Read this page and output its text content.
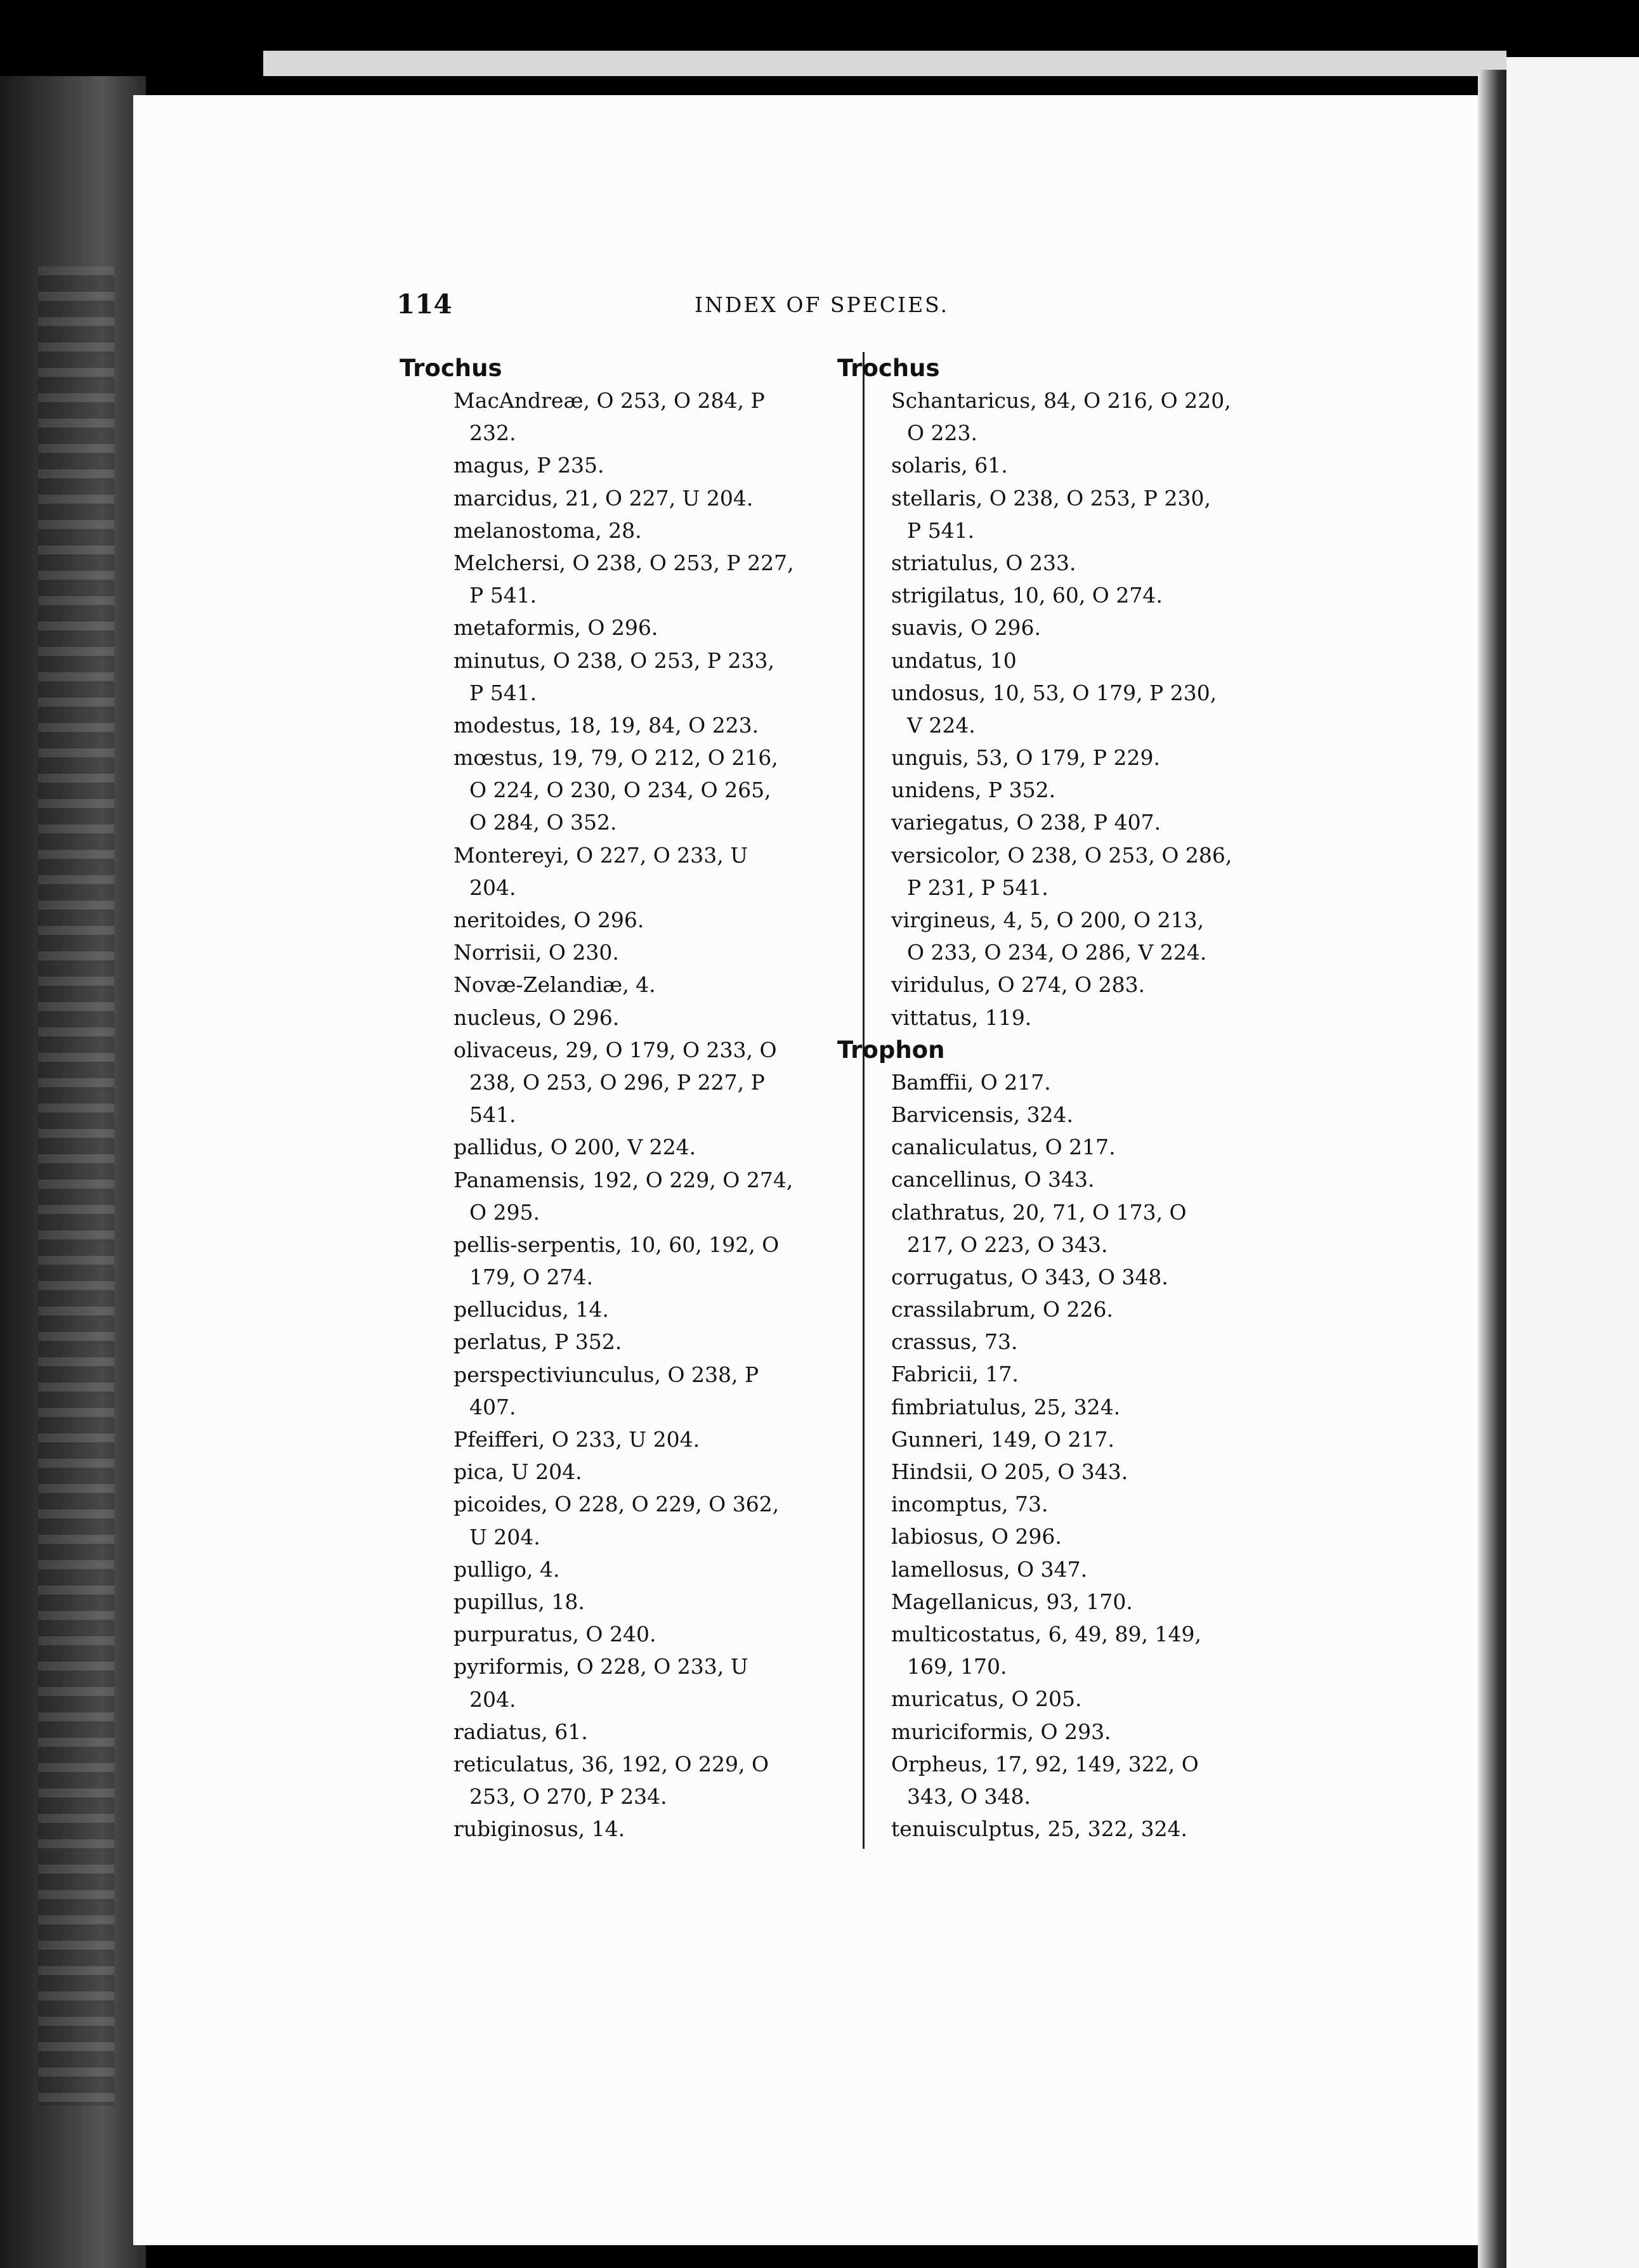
114	INDEX OF SPECIES.
Trochus
MacAndreæ, O 253, O 284, P
232.
magus, P 235.
marcidus, 21, O 227, U 204.
melanostoma, 28.
Melchersi, O 238, O 253, P 227,
P 541.
metaformis, O 296.
minutus, O 238, O 253, P 233,
P 541.
modestus, 18, 19, 84, O 223.
mœstus, 19, 79, O 212, O 216,
O 224, O 230, O 234, O 265,
O 284, O 352.
Montereyi, O 227, O 233, U
204.
neritoides, O 296.
Norrisii, O 230.
Novæ-Zelandiæ, 4.
nucleus, O 296.
olivaceus, 29, O 179, O 233, O
238, O 253, O 296, P 227, P
541.
pallidus, O 200, V 224.
Panamensis, 192, O 229, O 274,
O 295.
pellis-serpentis, 10, 60, 192, O
179, O 274.
pellucidus, 14.
perlatus, P 352.
perspectiviunculus, O 238, P
407.
Pfeifferi, O 233, U 204.
pica, U 204.
picoides, O 228, O 229, O 362,
U 204.
pulligo, 4.
pupillus, 18.
purpuratus, O 240.
pyriformis, O 228, O 233, U
204.
radiatus, 61.
reticulatus, 36, 192, O 229, O
253, O 270, P 234.
rubiginosus, 14.
Trochus
Schantaricus, 84, O 216, O 220,
O 223.
solaris, 61.
stellaris, O 238, O 253, P 230,
P 541.
striatulus, O 233.
strigilatus, 10, 60, O 274.
suavis, O 296.
undatus, 10
undosus, 10, 53, O 179, P 230,
V 224.
unguis, 53, O 179, P 229.
unidens, P 352.
variegatus, O 238, P 407.
versicolor, O 238, O 253, O 286,
P 231, P 541.
virgineus, 4, 5, O 200, O 213,
O 233, O 234, O 286, V 224.
viridulus, O 274, O 283.
vittatus, 119.
Trophon
Bamffii, O 217.
Barvicensis, 324.
canaliculatus, O 217.
cancellinus, O 343.
clathratus, 20, 71, O 173, O
217, O 223, O 343.
corrugatus, O 343, O 348.
crassilabrum, O 226.
crassus, 73.
Fabricii, 17.
fimbriatulus, 25, 324.
Gunneri, 149, O 217.
Hindsii, O 205, O 343.
incomptus, 73.
labiosus, O 296.
lamellosus, O 347.
Magellanicus, 93, 170.
multicostatus, 6, 49, 89, 149,
169, 170.
muricatus, O 205.
muriciformis, O 293.
Orpheus, 17, 92, 149, 322, O
343, O 348.
tenuisculptus, 25, 322, 324.
